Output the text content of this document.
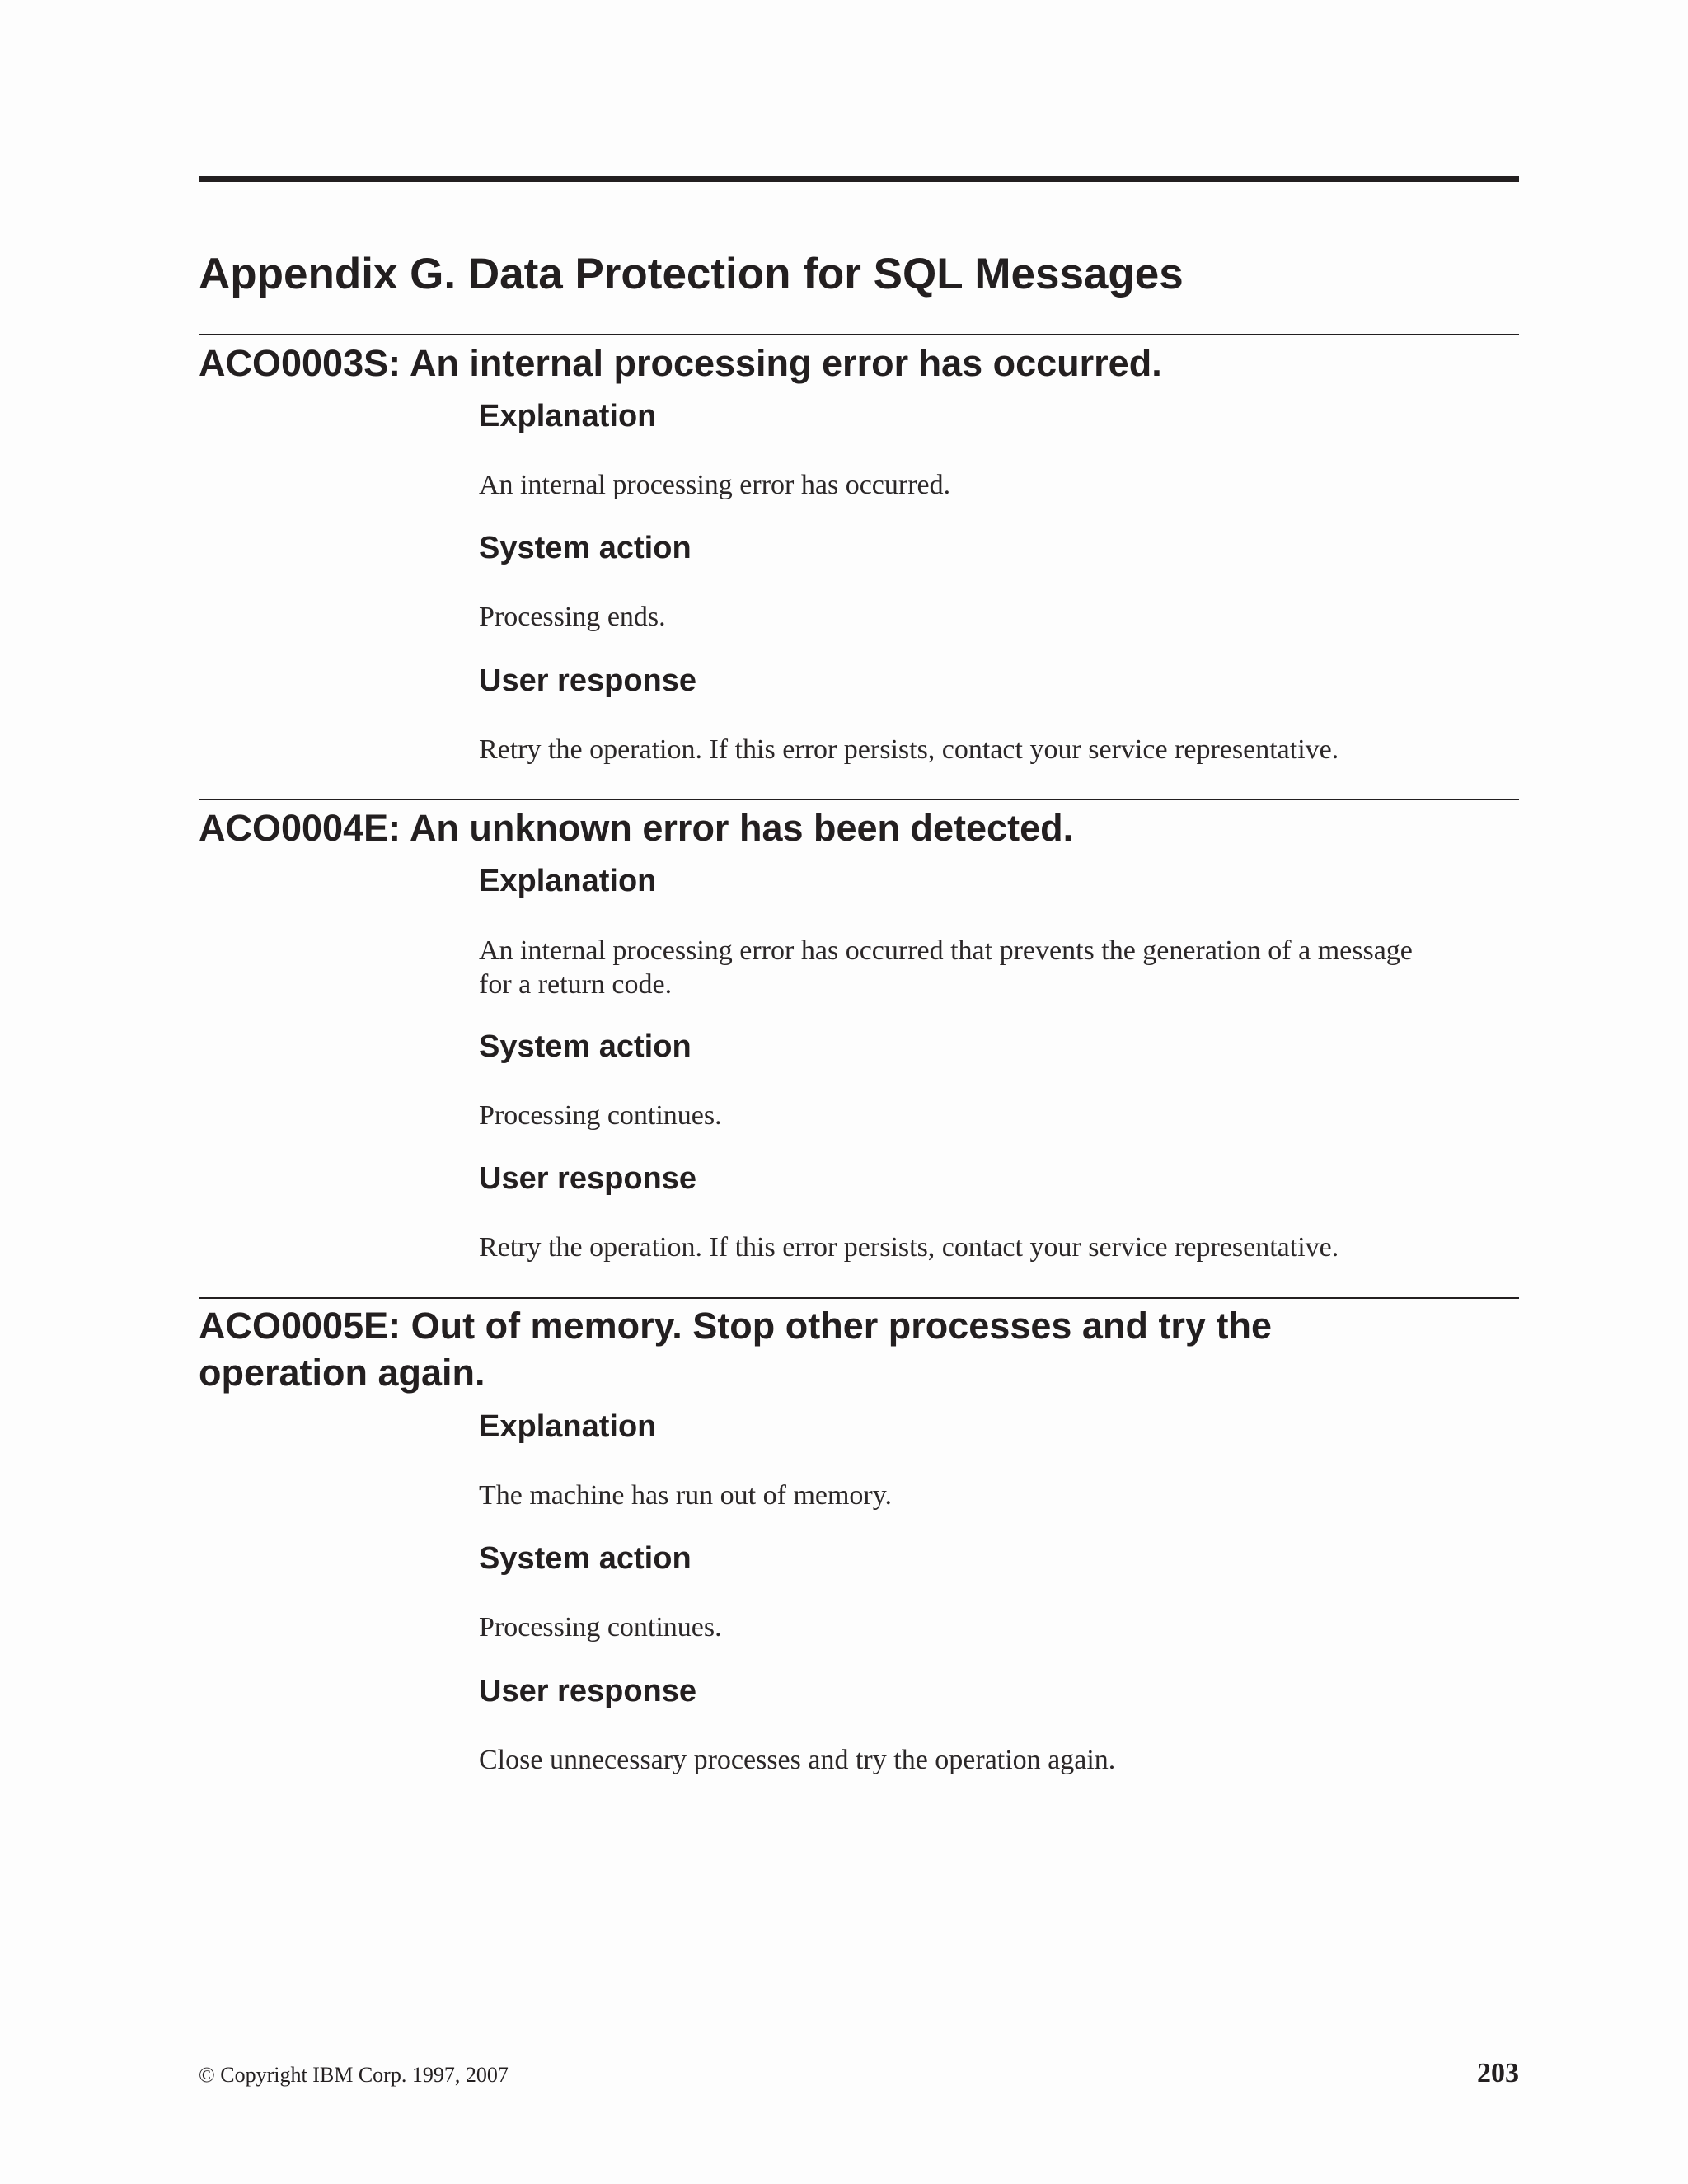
Appendix G. Data Protection for SQL Messages
ACO0003S: An internal processing error has occurred.
Explanation

An internal processing error has occurred.

System action

Processing ends.

User response

Retry the operation. If this error persists, contact your service representative.

ACO0004E: An unknown error has been detected.
Explanation

An internal processing error has occurred that prevents the generation of a message for a return code.

System action

Processing continues.

User response

Retry the operation. If this error persists, contact your service representative.

ACO0005E: Out of memory. Stop other processes and try the
operation again.
Explanation

The machine has run out of memory.

System action

Processing continues.

User response

Close unnecessary processes and try the operation again.

© Copyright IBM Corp. 1997, 2007	203
